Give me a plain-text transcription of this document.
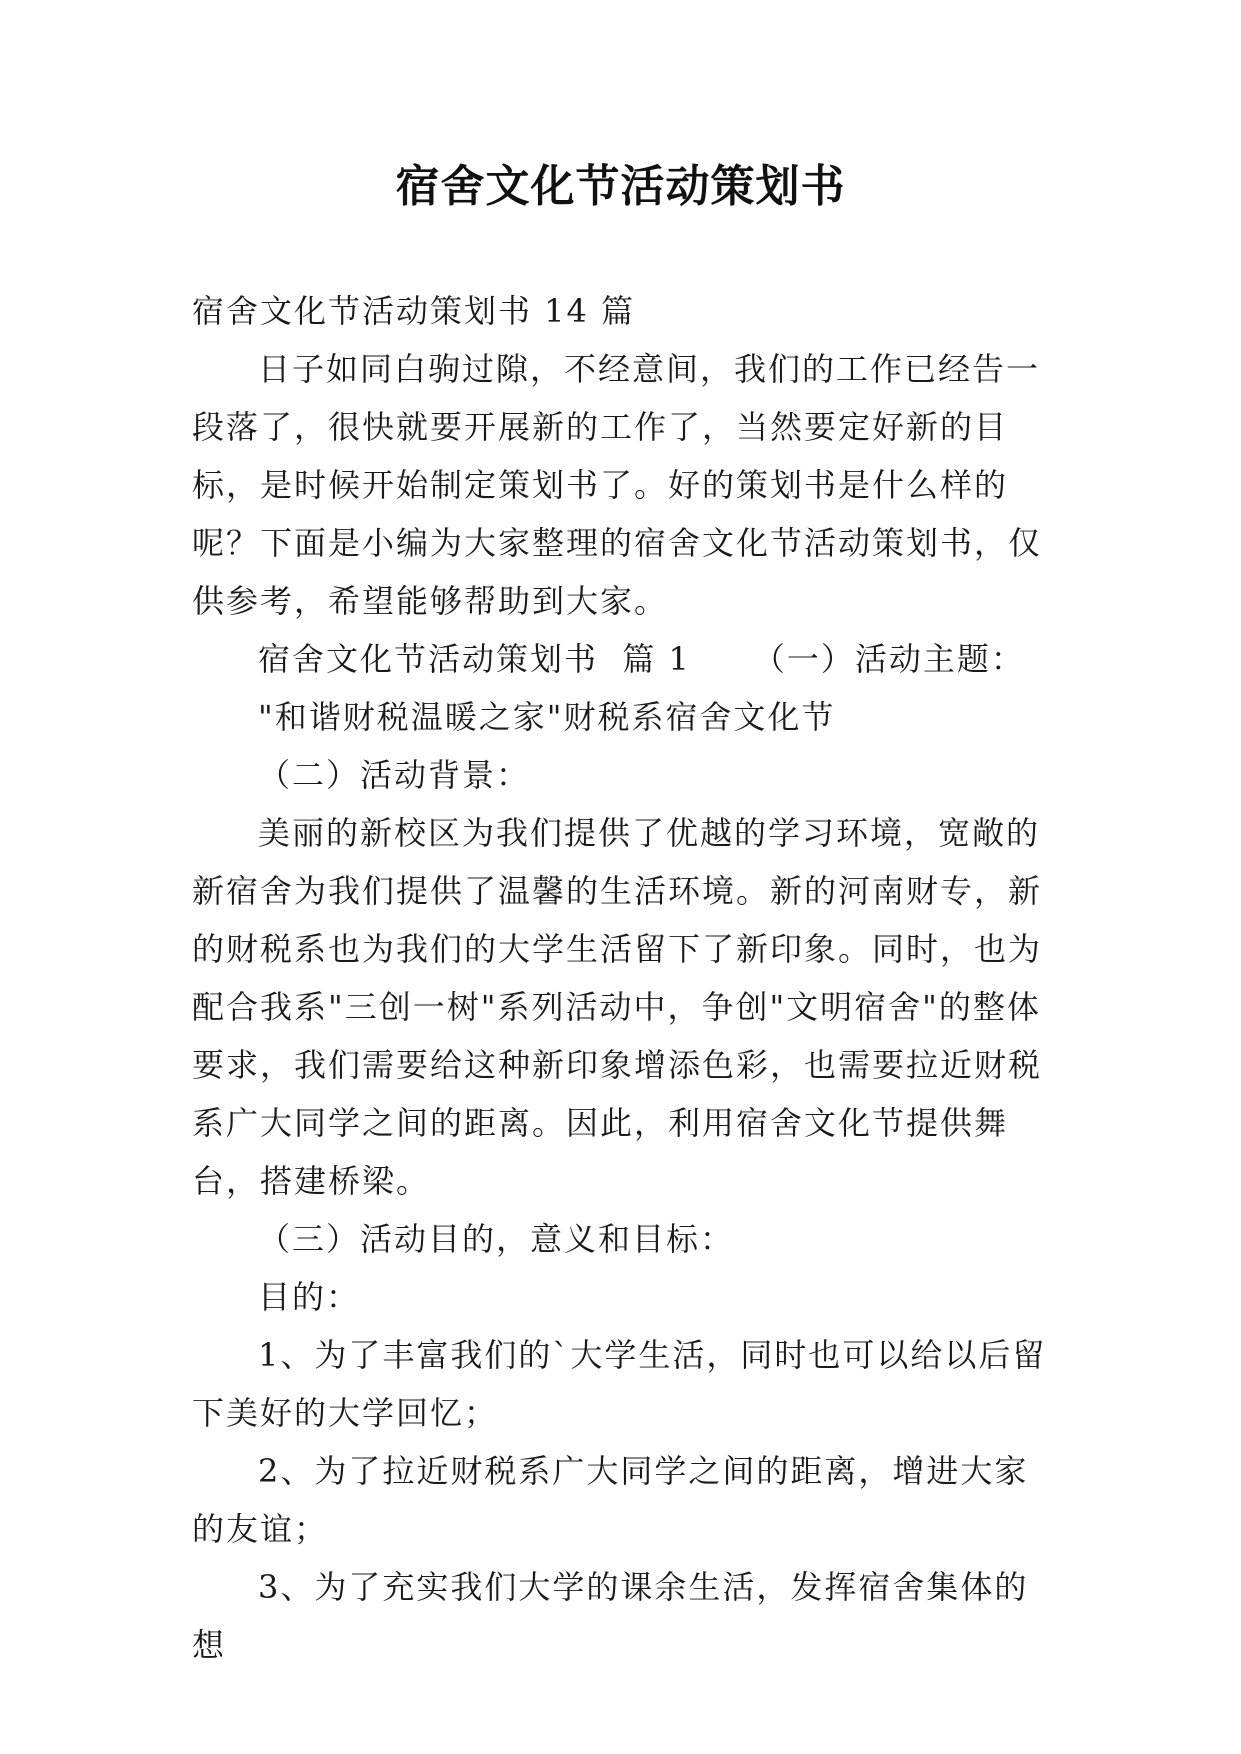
宿舍文化节活动策划书

宿舍文化节活动策划书 14 篇

日子如同白驹过隙，不经意间，我们的工作已经告一段落了，很快就要开展新的工作了，当然要定好新的目标，是时候开始制定策划书了。好的策划书是什么样的呢？下面是小编为大家整理的宿舍文化节活动策划书，仅供参考，希望能够帮助到大家。

宿舍文化节活动策划书  篇 1 （一）活动主题：

"和谐财税温暖之家"财税系宿舍文化节

（二）活动背景：

美丽的新校区为我们提供了优越的学习环境，宽敞的新宿舍为我们提供了温馨的生活环境。新的河南财专，新的财税系也为我们的大学生活留下了新印象。同时，也为配合我系"三创一树"系列活动中，争创"文明宿舍"的整体要求，我们需要给这种新印象增添色彩，也需要拉近财税系广大同学之间的距离。因此，利用宿舍文化节提供舞台，搭建桥梁。

（三）活动目的，意义和目标：

目的：

1、为了丰富我们的`大学生活，同时也可以给以后留下美好的大学回忆；

2、为了拉近财税系广大同学之间的距离，增进大家的友谊；

3、为了充实我们大学的课余生活，发挥宿舍集体的想
